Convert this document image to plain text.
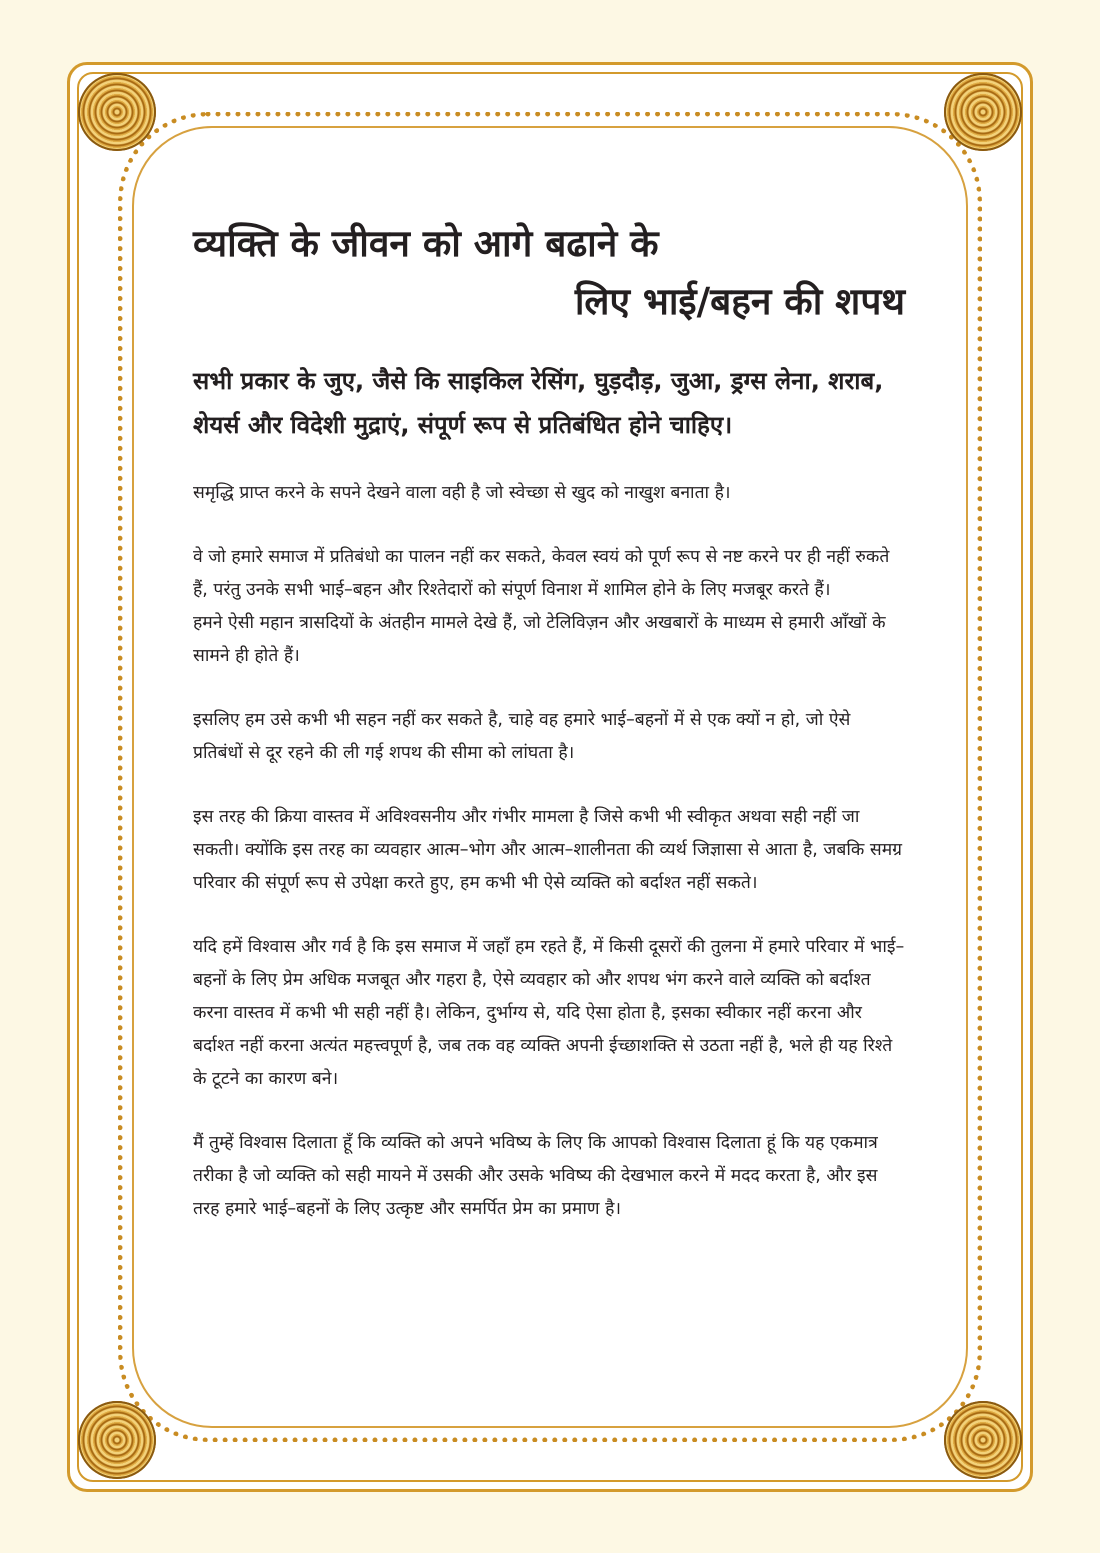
व्यक्ति के जीवन को आगे बढाने के
लिए भाई/बहन की शपथ

सभी प्रकार के जुए, जैसे कि साइकिल रेसिंग, घुड़दौड़, जुआ, ड्रग्स लेना, शराब, शेयर्स और विदेशी मुद्राएं, संपूर्ण रूप से प्रतिबंधित होने चाहिए।

समृद्धि प्राप्त करने के सपने देखने वाला वही है जो स्वेच्छा से खुद को नाखुश बनाता है।

वे जो हमारे समाज में प्रतिबंधो का पालन नहीं कर सकते, केवल स्वयं को पूर्ण रूप से नष्ट करने पर ही नहीं रुकते हैं, परंतु उनके सभी भाई–बहन और रिश्तेदारों को संपूर्ण विनाश में शामिल होने के लिए मजबूर करते हैं।
हमने ऐसी महान त्रासदियों के अंतहीन मामले देखे हैं, जो टेलिविज़न और अखबारों के माध्यम से हमारी आँखों के सामने ही होते हैं।

इसलिए हम उसे कभी भी सहन नहीं कर सकते है, चाहे वह हमारे भाई–बहनों में से एक क्यों न हो, जो ऐसे प्रतिबंधों से दूर रहने की ली गई शपथ की सीमा को लांघता है।

इस तरह की क्रिया वास्तव में अविश्वसनीय और गंभीर मामला है जिसे कभी भी स्वीकृत अथवा सही नहीं जा सकती। क्योंकि इस तरह का व्यवहार आत्म–भोग और आत्म–शालीनता की व्यर्थ जिज्ञासा से आता है, जबकि समग्र परिवार की संपूर्ण रूप से उपेक्षा करते हुए, हम कभी भी ऐसे व्यक्ति को बर्दाश्त नहीं सकते।

यदि हमें विश्वास और गर्व है कि इस समाज में जहाँ हम रहते हैं, में किसी दूसरों की तुलना में हमारे परिवार में भाई–बहनों के लिए प्रेम अधिक मजबूत और गहरा है, ऐसे व्यवहार को और शपथ भंग करने वाले व्यक्ति को बर्दाश्त करना वास्तव में कभी भी सही नहीं है। लेकिन, दुर्भाग्य से, यदि ऐसा होता है, इसका स्वीकार नहीं करना और बर्दाश्त नहीं करना अत्यंत महत्त्वपूर्ण है, जब तक वह व्यक्ति अपनी ईच्छाशक्ति से उठता नहीं है, भले ही यह रिश्ते के टूटने का कारण बने।

मैं तुम्हें विश्वास दिलाता हूँ कि व्यक्ति को अपने भविष्य के लिए कि आपको विश्वास दिलाता हूं कि यह एकमात्र तरीका है जो व्यक्ति को सही मायने में उसकी और उसके भविष्य की देखभाल करने में मदद करता है, और इस तरह हमारे भाई–बहनों के लिए उत्कृष्ट और समर्पित प्रेम का प्रमाण है।
